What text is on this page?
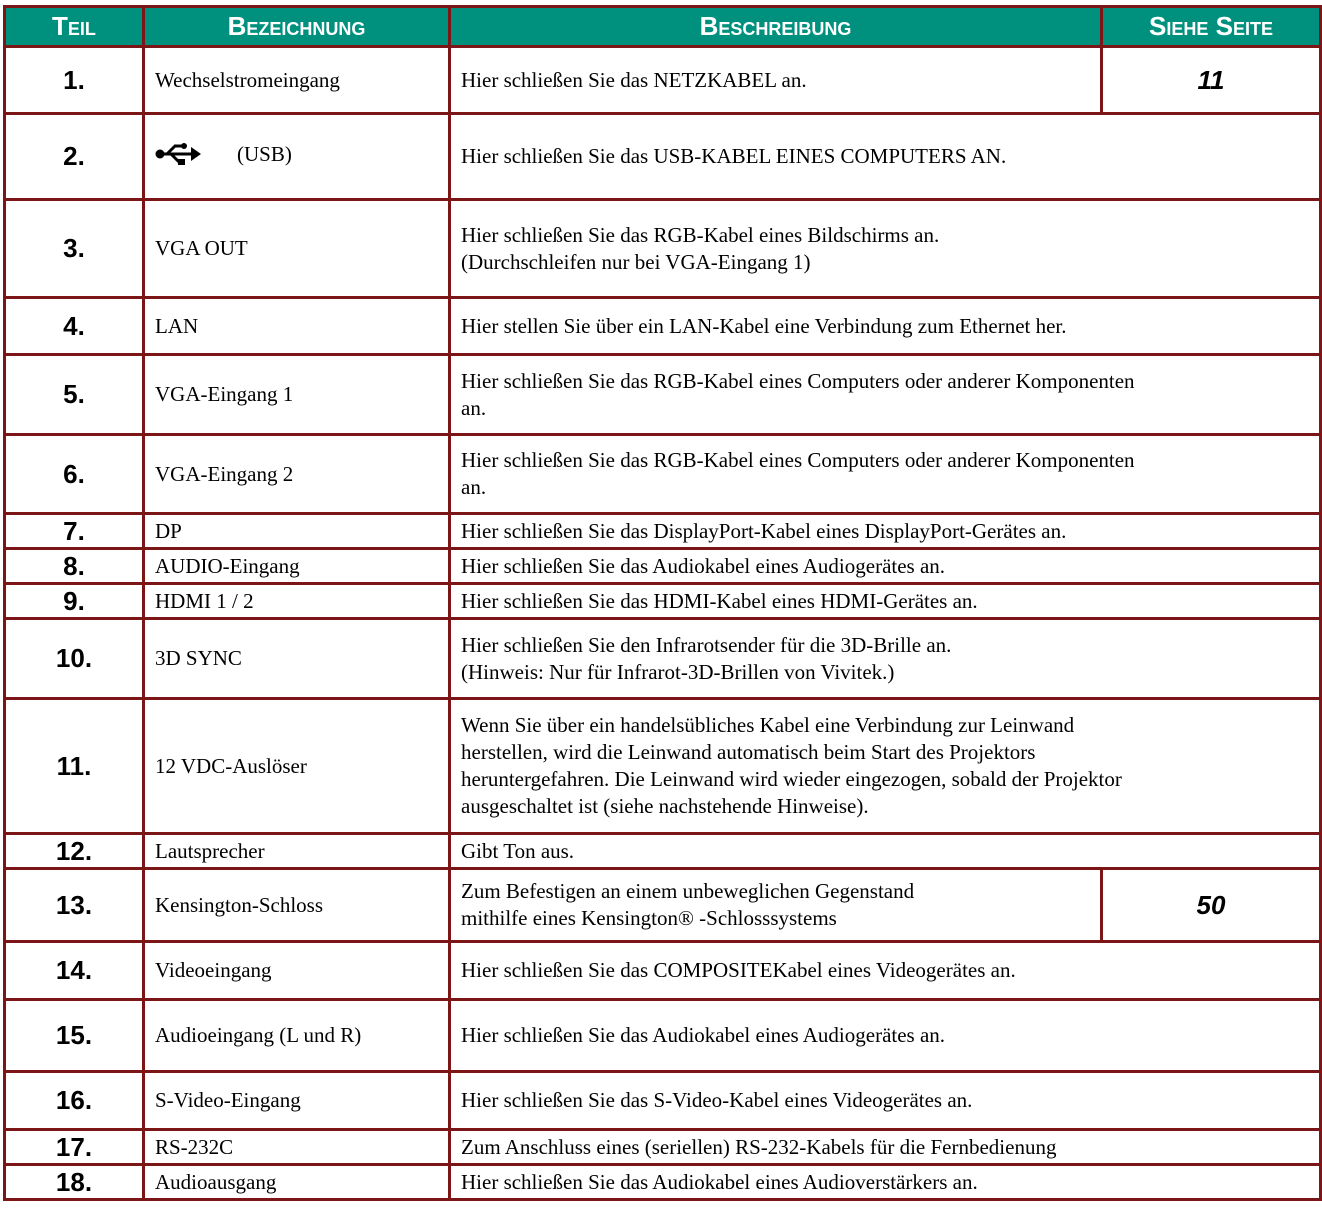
Teil	Bezeichnung	Beschreibung	Siehe Seite
1.	Wechselstromeingang	Hier schließen Sie das NETZKABEL an.	11
2.	(USB)	Hier schließen Sie das USB-KABEL EINES COMPUTERS AN.	
3.	VGA OUT	Hier schließen Sie das RGB-Kabel eines Bildschirms an.
(Durchschleifen nur bei VGA-Eingang 1)	

4.	LAN	Hier stellen Sie über ein LAN-Kabel eine Verbindung zum Ethernet her.	
5.	VGA-Eingang 1	Hier schließen Sie das RGB-Kabel eines Computers oder anderer Komponenten
an.	

6.	VGA-Eingang 2	Hier schließen Sie das RGB-Kabel eines Computers oder anderer Komponenten
an.	

7.	DP	Hier schließen Sie das DisplayPort-Kabel eines DisplayPort-Gerätes an.	
8.	AUDIO-Eingang	Hier schließen Sie das Audiokabel eines Audiogerätes an.	
9.	HDMI 1 / 2	Hier schließen Sie das HDMI-Kabel eines HDMI-Gerätes an.	
10.	3D SYNC	Hier schließen Sie den Infrarotsender für die 3D-Brille an.
(Hinweis: Nur für Infrarot-3D-Brillen von Vivitek.)	

11.	12 VDC-Auslöser	Wenn Sie über ein handelsübliches Kabel eine Verbindung zur Leinwand
herstellen, wird die Leinwand automatisch beim Start des Projektors
heruntergefahren. Die Leinwand wird wieder eingezogen, sobald der Projektor
ausgeschaltet ist (siehe nachstehende Hinweise).	

12.	Lautsprecher	Gibt Ton aus.	
13.	Kensington-Schloss	Zum Befestigen an einem unbeweglichen Gegenstand
mithilfe eines Kensington® -Schlosssystems	50
14.	Videoeingang	Hier schließen Sie das COMPOSITEKabel eines Videogerätes an.	
15.	Audioeingang (L und R)	Hier schließen Sie das Audiokabel eines Audiogerätes an.	
16.	S-Video-Eingang	Hier schließen Sie das S-Video-Kabel eines Videogerätes an.	
17.	RS-232C	Zum Anschluss eines (seriellen) RS-232-Kabels für die Fernbedienung	
18.	Audioausgang	Hier schließen Sie das Audiokabel eines Audioverstärkers an.	
